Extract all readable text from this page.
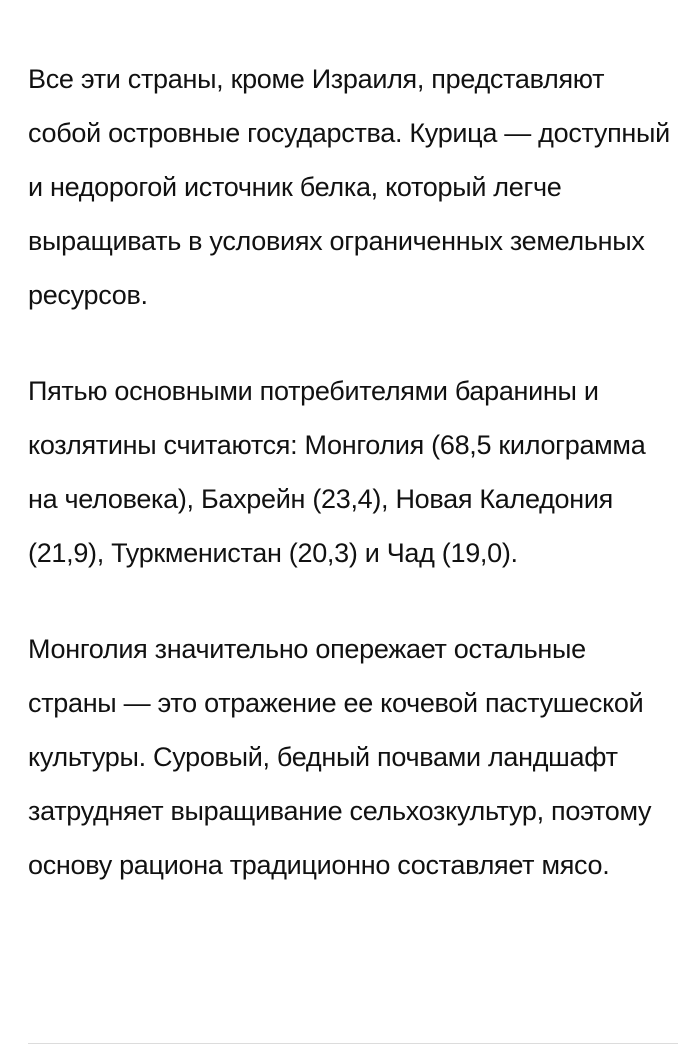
Все эти страны, кроме Израиля, представляют собой островные государства. Курица — доступный и недорогой источник белка, который легче выращивать в условиях ограниченных земельных ресурсов.

Пятью основными потребителями баранины и козлятины считаются: Монголия (68,5 килограмма на человека), Бахрейн (23,4), Новая Каледония (21,9), Туркменистан (20,3) и Чад (19,0).

Монголия значительно опережает остальные страны — это отражение ее кочевой пастушеской культуры. Суровый, бедный почвами ландшафт затрудняет выращивание сельхозкультур, поэтому основу рациона традиционно составляет мясо.
